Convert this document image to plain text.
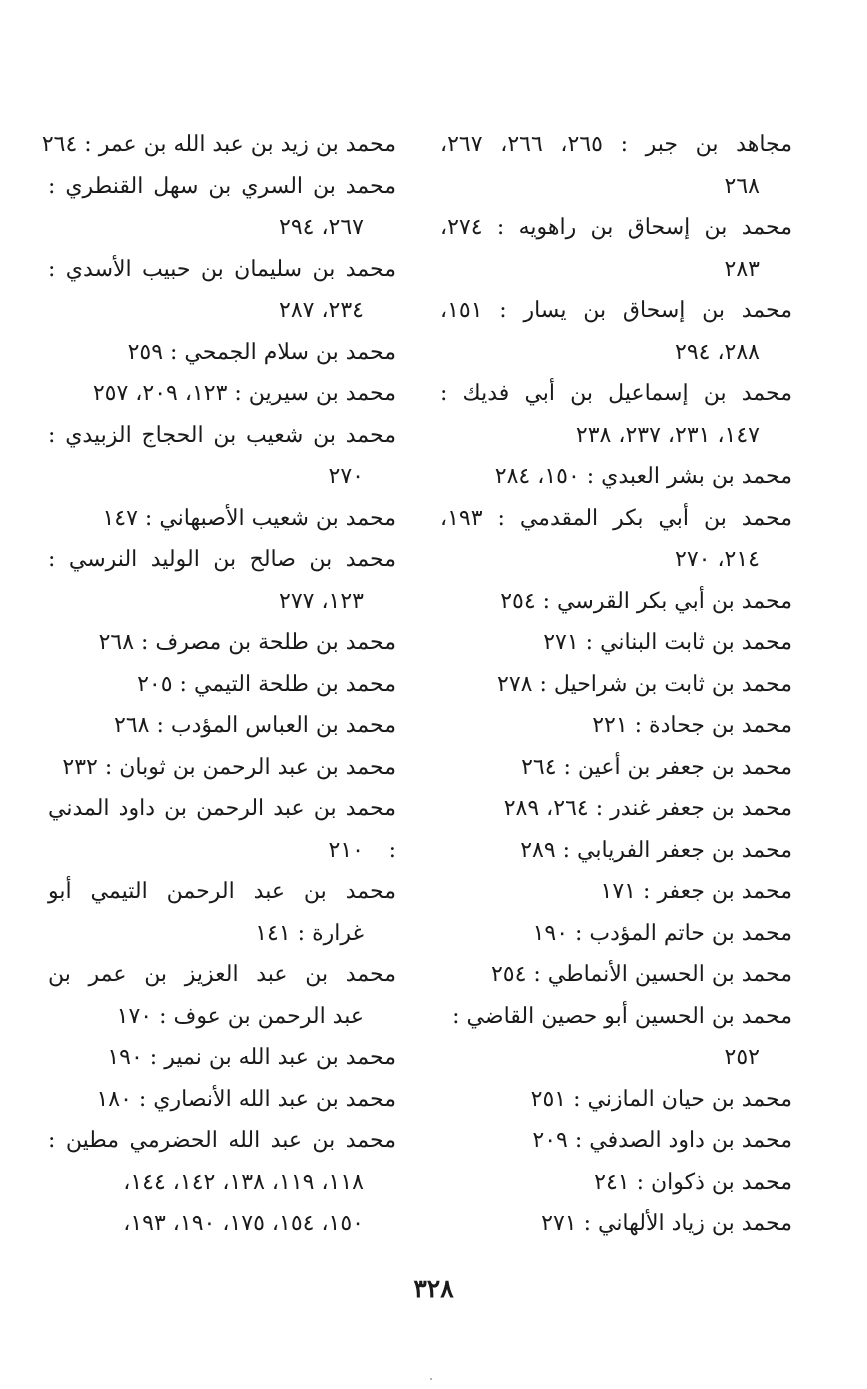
مجاهد بن جبر : ٢٦٥، ٢٦٦، ٢٦٧،
٢٦٨
محمد بن إسحاق بن راهويه : ٢٧٤،
٢٨٣
محمد بن إسحاق بن يسار : ١٥١،
٢٨٨، ٢٩٤
محمد بن إسماعيل بن أبي فديك :
١٤٧، ٢٣١، ٢٣٧، ٢٣٨
محمد بن بشر العبدي : ١٥٠، ٢٨٤
محمد بن أبي بكر المقدمي : ١٩٣،
٢١٤، ٢٧٠
محمد بن أبي بكر القرسي : ٢٥٤
محمد بن ثابت البناني : ٢٧١
محمد بن ثابت بن شراحيل : ٢٧٨
محمد بن جحادة : ٢٢١
محمد بن جعفر بن أعين : ٢٦٤
محمد بن جعفر غندر : ٢٦٤، ٢٨٩
محمد بن جعفر الفريابي : ٢٨٩
محمد بن جعفر : ١٧١
محمد بن حاتم المؤدب : ١٩٠
محمد بن الحسين الأنماطي : ٢٥٤
محمد بن الحسين أبو حصين القاضي :
٢٥٢
محمد بن حيان المازني : ٢٥١
محمد بن داود الصدفي : ٢٠٩
محمد بن ذكوان : ٢٤١
محمد بن زياد الألهاني : ٢٧١
محمد بن زيد بن عبد الله بن عمر : ٢٦٤
محمد بن السري بن سهل القنطري :
٢٦٧، ٢٩٤
محمد بن سليمان بن حبيب الأسدي :
٢٣٤، ٢٨٧
محمد بن سلام الجمحي : ٢٥٩
محمد بن سيرين : ١٢٣، ٢٠٩، ٢٥٧
محمد بن شعيب بن الحجاج الزبيدي :
٢٧٠
محمد بن شعيب الأصبهاني : ١٤٧
محمد بن صالح بن الوليد النرسي :
١٢٣، ٢٧٧
محمد بن طلحة بن مصرف : ٢٦٨
محمد بن طلحة التيمي : ٢٠٥
محمد بن العباس المؤدب : ٢٦٨
محمد بن عبد الرحمن بن ثوبان : ٢٣٢
محمد بن عبد الرحمن بن داود المدني :
٢١٠
محمد بن عبد الرحمن التيمي أبو
غرارة : ١٤١
محمد بن عبد العزيز بن عمر بن
عبد الرحمن بن عوف : ١٧٠
محمد بن عبد الله بن نمير : ١٩٠
محمد بن عبد الله الأنصاري : ١٨٠
محمد بن عبد الله الحضرمي مطين :
١١٨، ١١٩، ١٣٨، ١٤٢، ١٤٤،
١٥٠، ١٥٤، ١٧٥، ١٩٠، ١٩٣،
٣٢٨
